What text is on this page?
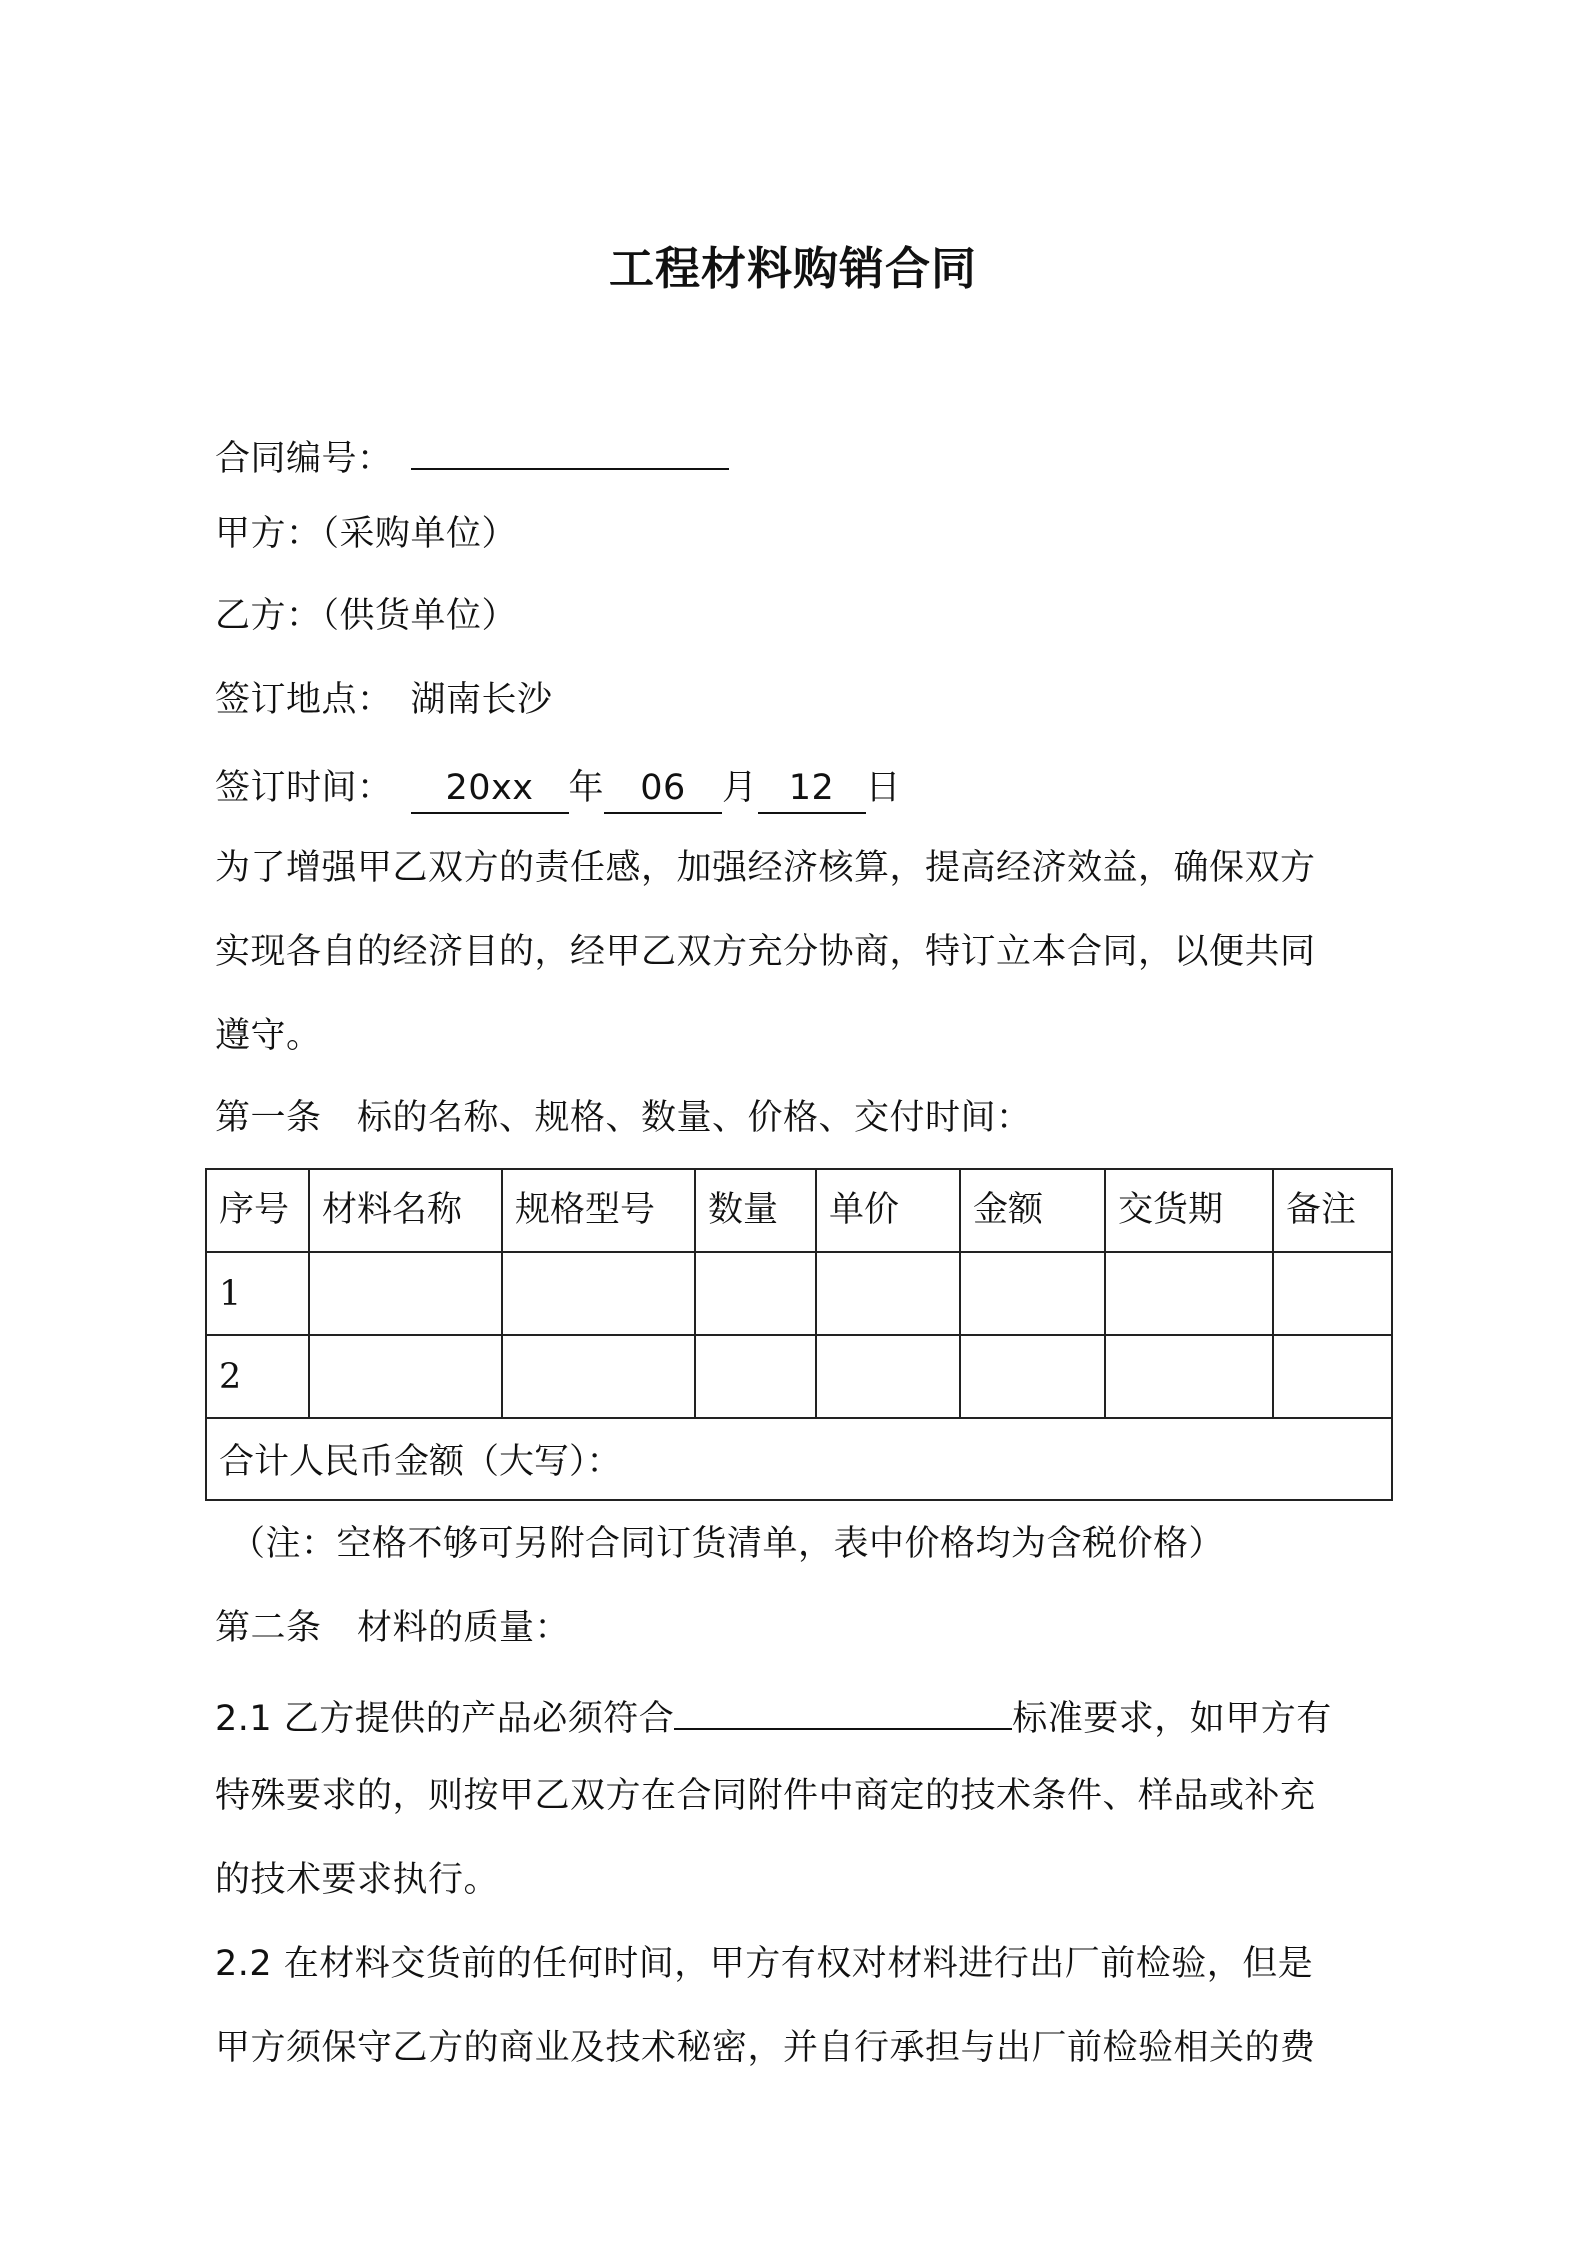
工程材料购销合同
合同编号：
甲方：（采购单位）
乙方：（供货单位）
签订地点： 湖南长沙
签订时间： 20xx 年 06 月 12 日
为了增强甲乙双方的责任感，加强经济核算，提高经济效益，确保双方
实现各自的经济目的，经甲乙双方充分协商，特订立本合同，以便共同
遵守。
第一条　标的名称、规格、数量、价格、交付时间：
序号	材料名称	规格型号	数量	单价	金额	交货期	备注
1							
2							
合计人民币金额（大写）：							
（注：空格不够可另附合同订货清单，表中价格均为含税价格）
第二条　材料的质量：
2.1 乙方提供的产品必须符合	标准要求，如甲方有
特殊要求的，则按甲乙双方在合同附件中商定的技术条件、样品或补充
的技术要求执行。
2.2 在材料交货前的任何时间，甲方有权对材料进行出厂前检验，但是
甲方须保守乙方的商业及技术秘密，并自行承担与出厂前检验相关的费
